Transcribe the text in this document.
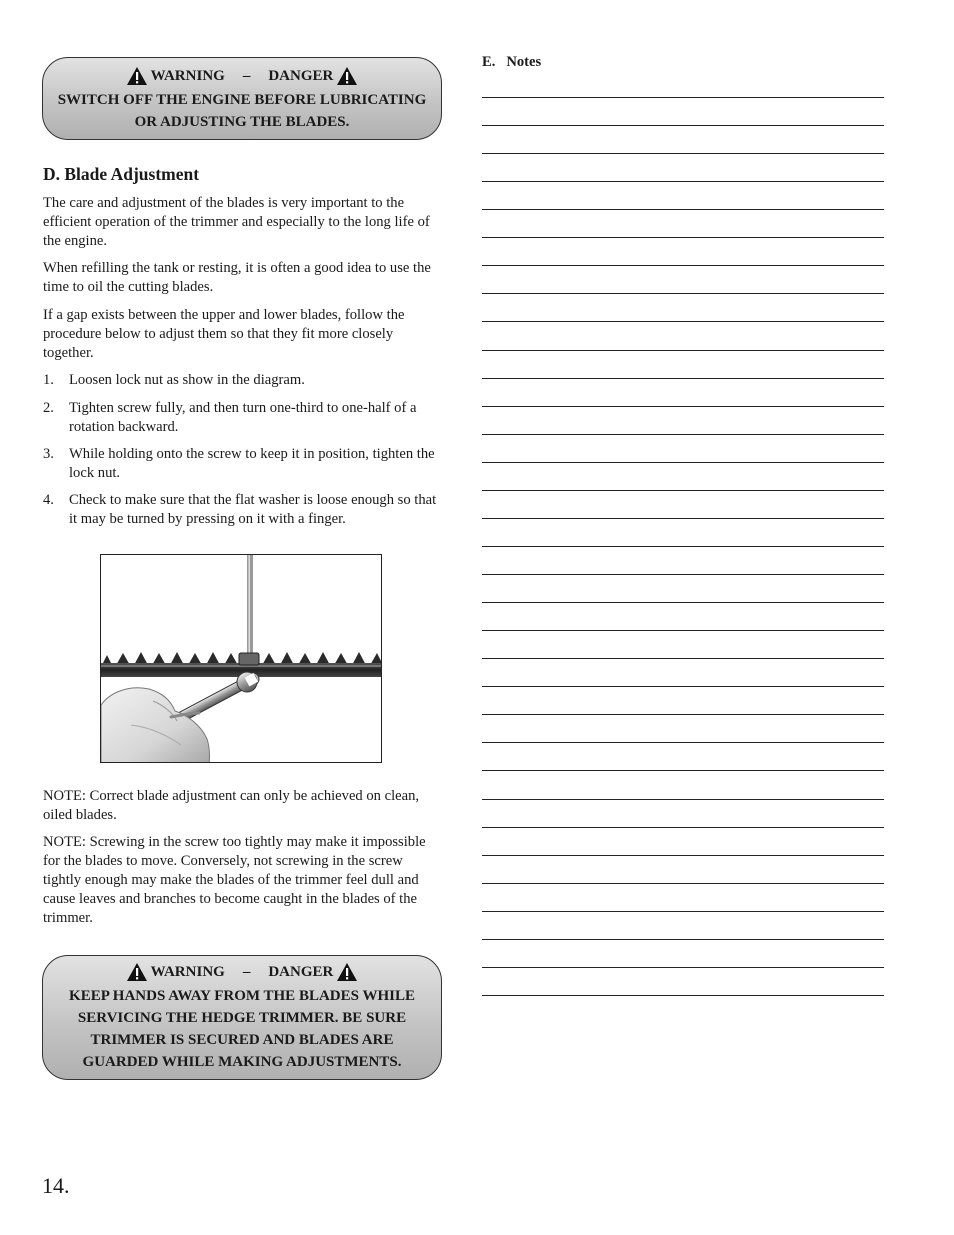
WARNING – DANGER
SWITCH OFF THE ENGINE BEFORE LUBRICATING
OR ADJUSTING THE BLADES.
D. Blade Adjustment

The care and adjustment of the blades is very important to the efficient operation of the trimmer and especially to the long life of the engine.

When refilling the tank or resting, it is often a good idea to use the time to oil the cutting blades.

If a gap exists between the upper and lower blades, follow the procedure below to adjust them so that they fit more closely together.

1. Loosen lock nut as show in the diagram.
2. Tighten screw fully, and then turn one-third to one-half of a rotation backward.
3. While holding onto the screw to keep it in position, tighten the lock nut.
4. Check to make sure that the flat washer is loose enough so that it may be turned by pressing on it with a finger.

NOTE: Correct blade adjustment can only be achieved on clean, oiled blades.

NOTE: Screwing in the screw too tightly may make it impossible for the blades to move. Conversely, not screwing in the screw tightly enough may make the blades of the trimmer feel dull and cause leaves and branches to become caught in the blades of the trimmer.

WARNING – DANGER
KEEP HANDS AWAY FROM THE BLADES WHILE
SERVICING THE HEDGE TRIMMER. BE SURE
TRIMMER IS SECURED AND BLADES ARE
GUARDED WHILE MAKING ADJUSTMENTS.
E.   Notes
14.
